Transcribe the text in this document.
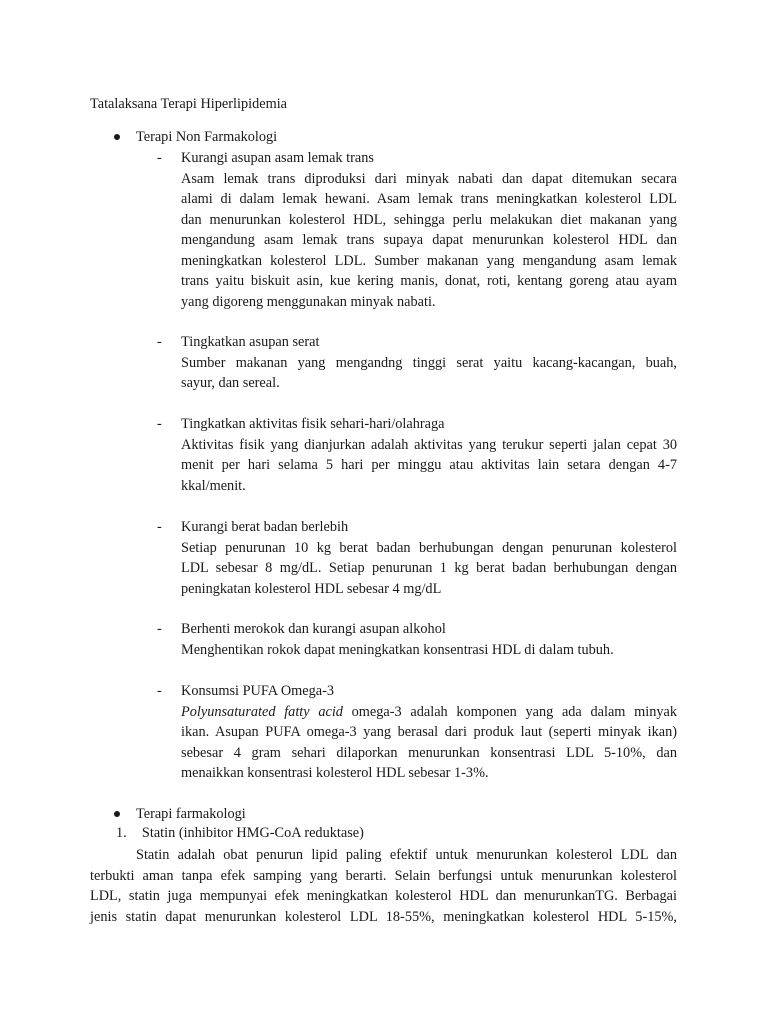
Tatalaksana Terapi Hiperlipidemia
Terapi Non Farmakologi
- Kurangi asupan asam lemak trans
Asam lemak trans diproduksi dari minyak nabati dan dapat ditemukan secara
alami di dalam lemak hewani. Asam lemak trans meningkatkan kolesterol LDL
dan menurunkan kolesterol HDL, sehingga perlu melakukan diet makanan yang
mengandung asam lemak trans supaya dapat menurunkan kolesterol HDL dan
meningkatkan kolesterol LDL. Sumber makanan yang mengandung asam lemak
trans yaitu biskuit asin, kue kering manis, donat, roti, kentang goreng atau ayam
yang digoreng menggunakan minyak nabati.
- Tingkatkan asupan serat
Sumber makanan yang mengandng tinggi serat yaitu kacang-kacangan, buah,
sayur, dan sereal.
- Tingkatkan aktivitas fisik sehari-hari/olahraga
Aktivitas fisik yang dianjurkan adalah aktivitas yang terukur seperti jalan cepat 30
menit per hari selama 5 hari per minggu atau aktivitas lain setara dengan 4-7
kkal/menit.
- Kurangi berat badan berlebih
Setiap penurunan 10 kg berat badan berhubungan dengan penurunan kolesterol
LDL sebesar 8 mg/dL. Setiap penurunan 1 kg berat badan berhubungan dengan
peningkatan kolesterol HDL sebesar 4 mg/dL
- Berhenti merokok dan kurangi asupan alkohol
Menghentikan rokok dapat meningkatkan konsentrasi HDL di dalam tubuh.
- Konsumsi PUFA Omega-3
Polyunsaturated fatty acid omega-3 adalah komponen yang ada dalam minyak
ikan. Asupan PUFA omega-3 yang berasal dari produk laut (seperti minyak ikan)
sebesar 4 gram sehari dilaporkan menurunkan konsentrasi LDL 5-10%, dan
menaikkan konsentrasi kolesterol HDL sebesar 1-3%.
Terapi farmakologi
1. Statin (inhibitor HMG-CoA reduktase)
Statin adalah obat penurun lipid paling efektif untuk menurunkan kolesterol LDL dan
terbukti aman tanpa efek samping yang berarti. Selain berfungsi untuk menurunkan kolesterol
LDL, statin juga mempunyai efek meningkatkan kolesterol HDL dan menurunkanTG. Berbagai
jenis statin dapat menurunkan kolesterol LDL 18-55%, meningkatkan kolesterol HDL 5-15%,
